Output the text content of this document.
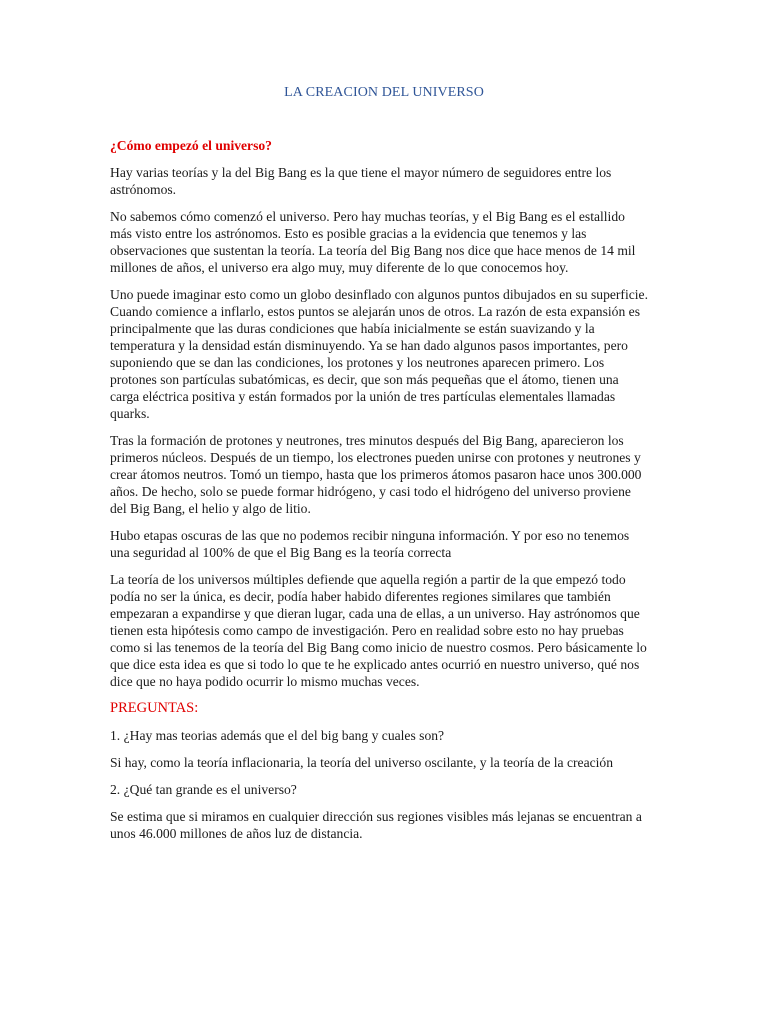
LA CREACION DEL UNIVERSO

¿Cómo empezó el universo?

Hay varias teorías y la del Big Bang es la que tiene el mayor número de seguidores entre los astrónomos.

No sabemos cómo comenzó el universo. Pero hay muchas teorías, y el Big Bang es el estallido más visto entre los astrónomos. Esto es posible gracias a la evidencia que tenemos y las observaciones que sustentan la teoría. La teoría del Big Bang nos dice que hace menos de 14 mil millones de años, el universo era algo muy, muy diferente de lo que conocemos hoy.

Uno puede imaginar esto como un globo desinflado con algunos puntos dibujados en su superficie. Cuando comience a inflarlo, estos puntos se alejarán unos de otros. La razón de esta expansión es principalmente que las duras condiciones que había inicialmente se están suavizando y la temperatura y la densidad están disminuyendo. Ya se han dado algunos pasos importantes, pero suponiendo que se dan las condiciones, los protones y los neutrones aparecen primero. Los protones son partículas subatómicas, es decir, que son más pequeñas que el átomo, tienen una carga eléctrica positiva y están formados por la unión de tres partículas elementales llamadas quarks.

Tras la formación de protones y neutrones, tres minutos después del Big Bang, aparecieron los primeros núcleos. Después de un tiempo, los electrones pueden unirse con protones y neutrones y crear átomos neutros. Tomó un tiempo, hasta que los primeros átomos pasaron hace unos 300.000 años. De hecho, solo se puede formar hidrógeno, y casi todo el hidrógeno del universo proviene del Big Bang, el helio y algo de litio.

Hubo etapas oscuras de las que no podemos recibir ninguna información. Y por eso no tenemos una seguridad al 100% de que el Big Bang es la teoría correcta

La teoría de los universos múltiples defiende que aquella región a partir de la que empezó todo podía no ser la única, es decir, podía haber habido diferentes regiones similares que también empezaran a expandirse y que dieran lugar, cada una de ellas, a un universo. Hay astrónomos que tienen esta hipótesis como campo de investigación. Pero en realidad sobre esto no hay pruebas como si las tenemos de la teoría del Big Bang como inicio de nuestro cosmos. Pero básicamente lo que dice esta idea es que si todo lo que te he explicado antes ocurrió en nuestro universo, qué nos dice que no haya podido ocurrir lo mismo muchas veces.

PREGUNTAS:

1. ¿Hay mas teorias además que el del big bang y cuales son?

Si hay, como la teoría inflacionaria, la teoría del universo oscilante, y la teoría de la creación

2. ¿Qué tan grande es el universo?

Se estima que si miramos en cualquier dirección sus regiones visibles más lejanas se encuentran a unos 46.000 millones de años luz de distancia.
